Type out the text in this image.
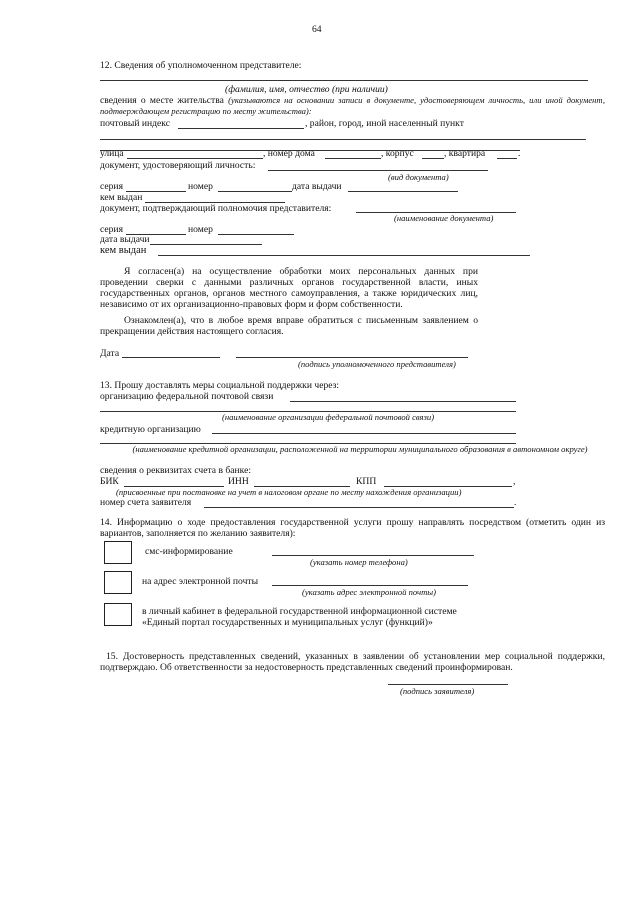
64
12. Сведения об уполномоченном представителе:
(фамилия, имя, отчество (при наличии)
сведения о месте жительства (указываются на основании записи в документе, удостоверяющем личность, или иной документ, подтверждающем регистрацию по месту жительства):
почтовый индекс	, район, город, иной населенный пункт
улица	, номер дома	, корпус	, квартира	.
документ, удостоверяющий личность:
(вид документа)
серия	номер	дата выдачи
кем выдан
документ, подтверждающий полномочия представителя:
(наименование документа)
серия	номер
дата выдачи
кем выдан
Я согласен(а) на осуществление обработки моих персональных данных при проведении сверки с данными различных органов государственной власти, иных государственных органов, органов местного самоуправления, а также юридических лиц, независимо от их организационно-правовых форм и форм собственности.
Ознакомлен(а), что в любое время вправе обратиться с письменным заявлением о прекращении действия настоящего согласия.
Дата
(подпись уполномоченного представителя)
13. Прошу доставлять меры социальной поддержки через:
организацию федеральной почтовой связи
(наименование организации федеральной почтовой связи)
кредитную организацию
(наименование кредитной организации, расположенной на территории муниципального образования в автономном округе)
сведения о реквизитах счета в банке:
БИК	ИНН	КПП	,
(присвоенные при постановке на учет в налоговом органе по месту нахождения организации)
номер счета заявителя	.
14. Информацию о ходе предоставления государственной услуги прошу направлять посредством (отметить один из вариантов, заполняется по желанию заявителя):
смс-информирование
(указать номер телефона)
на адрес электронной почты
(указать адрес электронной почты)
в личный кабинет в федеральной государственной информационной системе «Единый портал государственных и муниципальных услуг (функций)»
15. Достоверность представленных сведений, указанных в заявлении об установлении мер социальной поддержки, подтверждаю. Об ответственности за недостоверность представленных сведений проинформирован.
(подпись заявителя)
